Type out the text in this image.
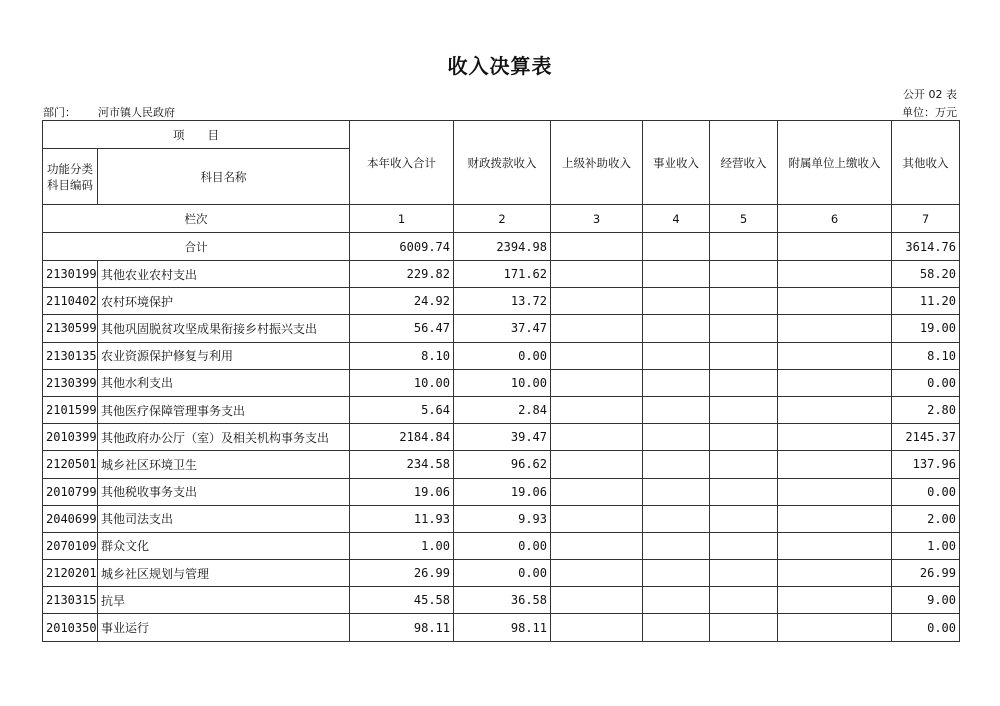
收入决算表
公开 02 表
部门： 河市镇人民政府	单位：万元
项　　目		本年收入合计	财政拨款收入	上级补助收入	事业收入	经营收入	附属单位上缴收入	其他收入
功能分类科目编码	科目名称							
栏次		1	2	3	4	5	6	7
合计		6009.74	2394.98					3614.76
2130199	其他农业农村支出	229.82	171.62					58.20
2110402	农村环境保护	24.92	13.72					11.20
2130599	其他巩固脱贫攻坚成果衔接乡村振兴支出	56.47	37.47					19.00
2130135	农业资源保护修复与利用	8.10	0.00					8.10
2130399	其他水利支出	10.00	10.00					0.00
2101599	其他医疗保障管理事务支出	5.64	2.84					2.80
2010399	其他政府办公厅（室）及相关机构事务支出	2184.84	39.47					2145.37
2120501	城乡社区环境卫生	234.58	96.62					137.96
2010799	其他税收事务支出	19.06	19.06					0.00
2040699	其他司法支出	11.93	9.93					2.00
2070109	群众文化	1.00	0.00					1.00
2120201	城乡社区规划与管理	26.99	0.00					26.99
2130315	抗旱	45.58	36.58					9.00
2010350	事业运行	98.11	98.11					0.00
